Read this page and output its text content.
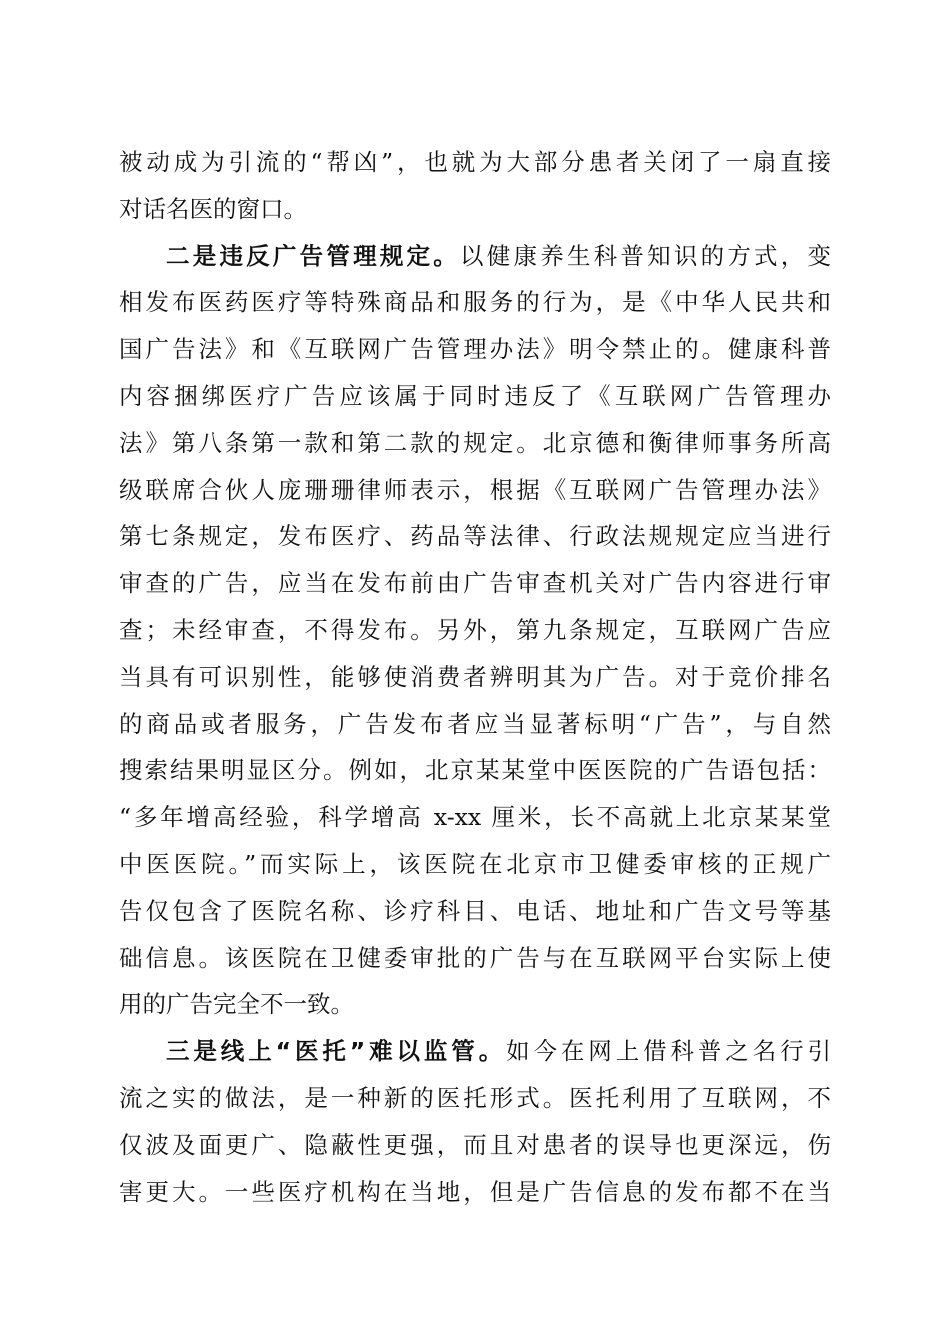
被动成为引流的“帮凶”，也就为大部分患者关闭了一扇直接
对话名医的窗口。
二是违反广告管理规定。以健康养生科普知识的方式，变
相发布医药医疗等特殊商品和服务的行为，是《中华人民共和
国广告法》和《互联网广告管理办法》明令禁止的。健康科普
内容捆绑医疗广告应该属于同时违反了《互联网广告管理办
法》第八条第一款和第二款的规定。北京德和衡律师事务所高
级联席合伙人庞珊珊律师表示，根据《互联网广告管理办法》
第七条规定，发布医疗、药品等法律、行政法规规定应当进行
审查的广告，应当在发布前由广告审查机关对广告内容进行审
查；未经审查，不得发布。另外，第九条规定，互联网广告应
当具有可识别性，能够使消费者辨明其为广告。对于竞价排名
的商品或者服务，广告发布者应当显著标明“广告”，与自然
搜索结果明显区分。例如，北京某某堂中医医院的广告语包括：
“多年增高经验，科学增高 x-xx 厘米，长不高就上北京某某堂
中医医院。”而实际上，该医院在北京市卫健委审核的正规广
告仅包含了医院名称、诊疗科目、电话、地址和广告文号等基
础信息。该医院在卫健委审批的广告与在互联网平台实际上使
用的广告完全不一致。
三是线上“医托”难以监管。如今在网上借科普之名行引
流之实的做法，是一种新的医托形式。医托利用了互联网，不
仅波及面更广、隐蔽性更强，而且对患者的误导也更深远，伤
害更大。一些医疗机构在当地，但是广告信息的发布都不在当
